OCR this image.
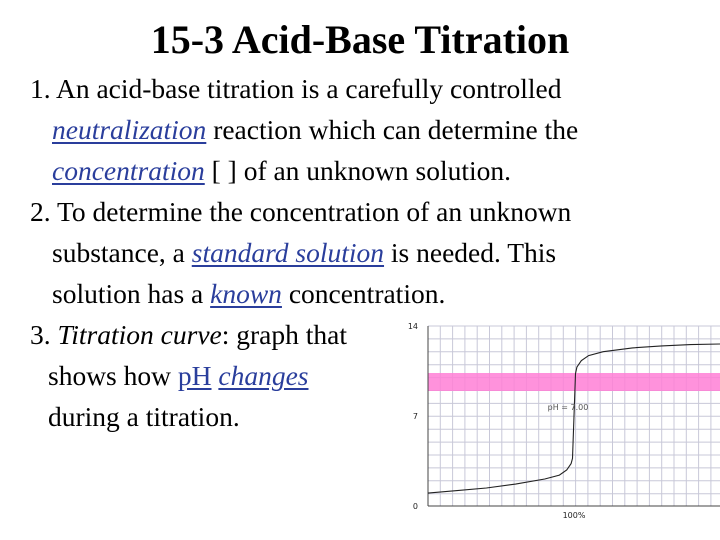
15-3 Acid-Base Titration
1. An acid-base titration is a carefully controlled
neutralization reaction which can determine the
concentration [ ] of an unknown solution.
2. To determine the concentration of an unknown
substance, a standard solution is needed. This
solution has a known concentration.
3. Titration curve: graph that
shows how pH changes
during a titration.
14
7
0
100%
pH = 7.00
